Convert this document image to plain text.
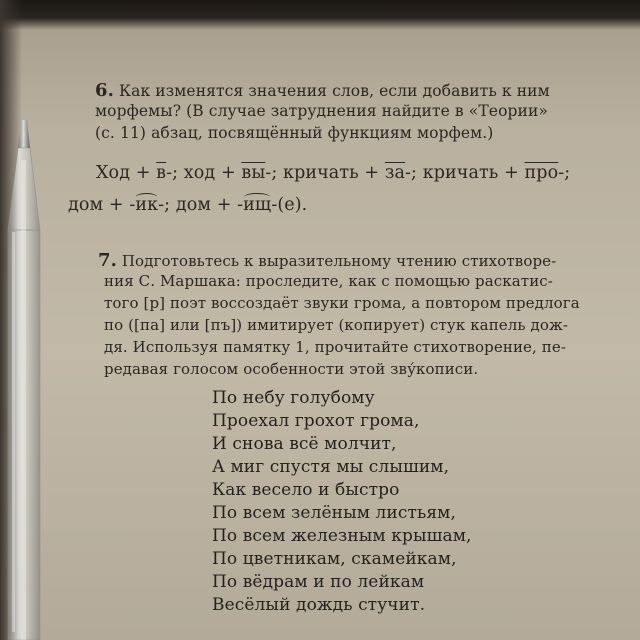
6. Как изменятся значения слов, если добавить к ним
морфемы? (В случае затруднения найдите в «Теории»
(с. 11) абзац, посвящённый функциям морфем.)
Ход + в-; ход + вы-; кричать + за-; кричать + про-;
дом + -ик-; дом + -ищ-(е).
7. Подготовьтесь к выразительному чтению стихотворе-
ния С. Маршака: проследите, как с помощью раскатис-
того [р] поэт воссоздаёт звуки грома, а повтором предлога
по ([па] или [пъ]) имитирует (копирует) стук капель дож-
дя. Используя памятку 1, прочитайте стихотворение, пе-
редавая голосом особенности этой зву́кописи.
По небу голубому
Проехал грохот грома,
И снова всё молчит,
А миг спустя мы слышим,
Как весело и быстро
По всем зелёным листьям,
По всем железным крышам,
По цветникам, скамейкам,
По вёдрам и по лейкам
Весёлый дождь стучит.
